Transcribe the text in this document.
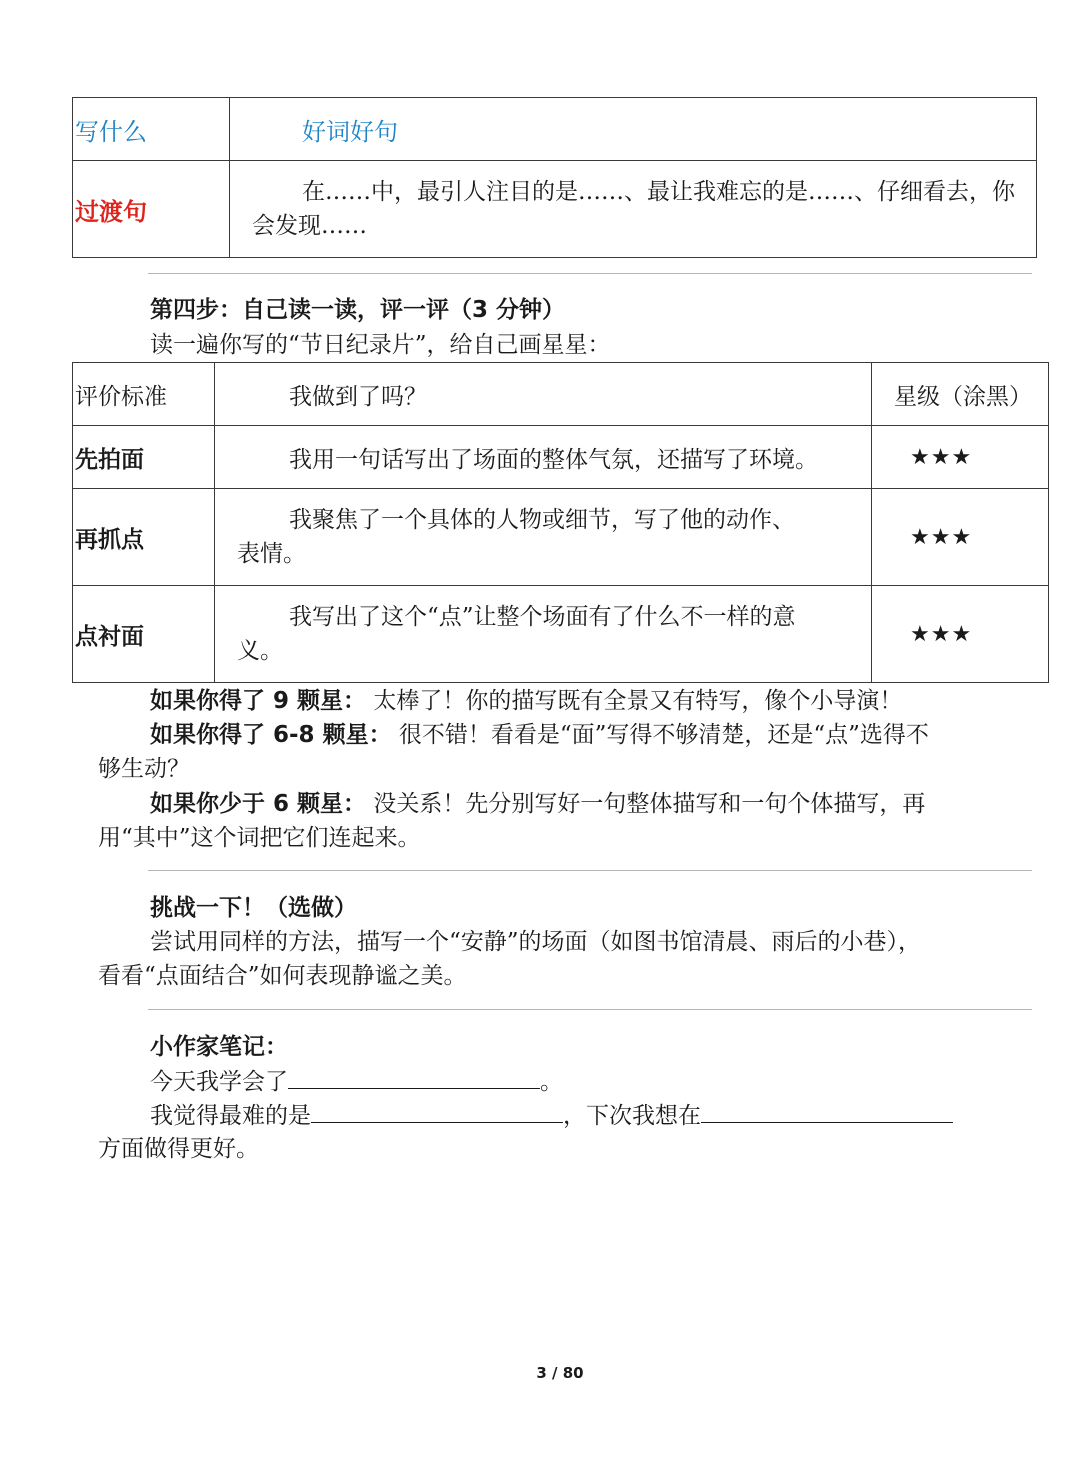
写什么	好词好句
过渡句	在……中，最引人注目的是……、最让我难忘的是……、仔细看去，你
会发现……
第四步：自己读一读，评一评（3 分钟）
读一遍你写的“节日纪录片”，给自己画星星：
评价标准	我做到了吗？	星级（涂黑）
先拍面	我用一句话写出了场面的整体气氛，还描写了环境。	★★★
再抓点	我聚焦了一个具体的人物或细节，写了他的动作、
表情。	★★★
点衬面	我写出了这个“点”让整个场面有了什么不一样的意
义。	★★★
如果你得了 9 颗星： 太棒了！你的描写既有全景又有特写，像个小导演！
如果你得了 6-8 颗星： 很不错！看看是“面”写得不够清楚，还是“点”选得不
够生动？
如果你少于 6 颗星： 没关系！先分别写好一句整体描写和一句个体描写，再
用“其中”这个词把它们连起来。
挑战一下！（选做）
尝试用同样的方法，描写一个“安静”的场面（如图书馆清晨、雨后的小巷），
看看“点面结合”如何表现静谧之美。
小作家笔记：
今天我学会了	。
我觉得最难的是	，下次我想在
方面做得更好。
3 / 80
